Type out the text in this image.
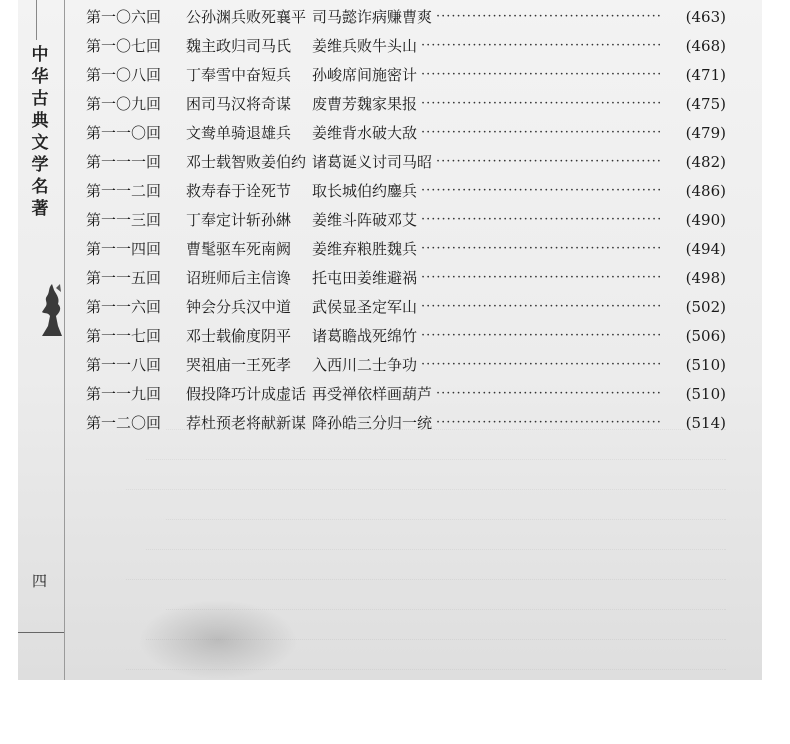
中
华
古
典
文
学
名
著
四
第一〇六回	公孙渊兵败死襄平 司马懿诈病赚曹爽 ·····	(463)
第一〇七回	魏主政归司马氏	姜维兵败牛头山 ·····	(468)
第一〇八回	丁奉雪中奋短兵	孙峻席间施密计 ·····	(471)
第一〇九回	困司马汉将奇谋	废曹芳魏家果报 ·····	(475)
第一一〇回	文鸯单骑退雄兵	姜维背水破大敌 ·····	(479)
第一一一回	邓士载智败姜伯约 诸葛诞义讨司马昭 ·····	(482)
第一一二回	救寿春于诠死节	取长城伯约鏖兵 ·····	(486)
第一一三回	丁奉定计斩孙綝	姜维斗阵破邓艾 ·····	(490)
第一一四回	曹髦驱车死南阙	姜维弃粮胜魏兵 ·····	(494)
第一一五回	诏班师后主信谗	托屯田姜维避祸 ·····	(498)
第一一六回	钟会分兵汉中道	武侯显圣定军山 ·····	(502)
第一一七回	邓士载偷度阴平	诸葛瞻战死绵竹 ·····	(506)
第一一八回	哭祖庙一王死孝	入西川二士争功 ·····	(510)
第一一九回	假投降巧计成虚话 再受禅依样画葫芦 ·····	(510)
第一二〇回	荐杜预老将献新谋 降孙皓三分归一统 ·····	(514)
